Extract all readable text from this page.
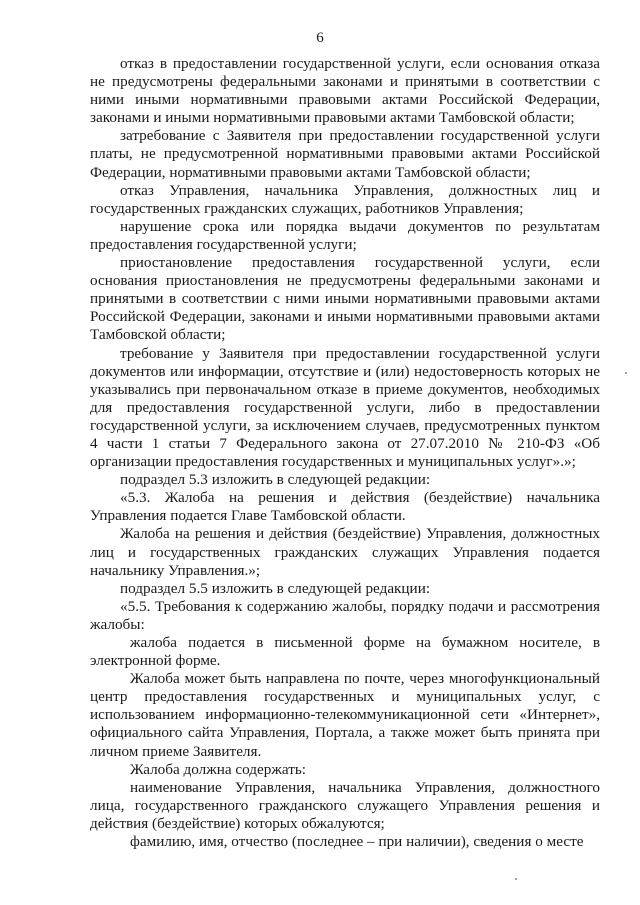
6

отказ в предоставлении государственной услуги, если основания отказа не предусмотрены федеральными законами и принятыми в соответствии с ними иными нормативными правовыми актами Российской Федерации, законами и иными нормативными правовыми актами Тамбовской области;

затребование с Заявителя при предоставлении государственной услуги платы, не предусмотренной нормативными правовыми актами Российской Федерации, нормативными правовыми актами Тамбовской области;

отказ Управления, начальника Управления, должностных лиц и государственных гражданских служащих, работников Управления;

нарушение срока или порядка выдачи документов по результатам предоставления государственной услуги;

приостановление предоставления государственной услуги, если основания приостановления не предусмотрены федеральными законами и принятыми в соответствии с ними иными нормативными правовыми актами Российской Федерации, законами и иными нормативными правовыми актами Тамбовской области;

требование у Заявителя при предоставлении государственной услуги документов или информации, отсутствие и (или) недостоверность которых не указывались при первоначальном отказе в приеме документов, необходимых для предоставления государственной услуги, либо в предоставлении государственной услуги, за исключением случаев, предусмотренных пунктом 4 части 1 статьи 7 Федерального закона от 27.07.2010 № 210-ФЗ «Об организации предоставления государственных и муниципальных услуг».»;

подраздел 5.3 изложить в следующей редакции:

«5.3. Жалоба на решения и действия (бездействие) начальника Управления подается Главе Тамбовской области.

Жалоба на решения и действия (бездействие) Управления, должностных лиц и государственных гражданских служащих Управления подается начальнику Управления.»;

подраздел 5.5 изложить в следующей редакции:

«5.5. Требования к содержанию жалобы, порядку подачи и рассмотрения жалобы:

жалоба подается в письменной форме на бумажном носителе, в электронной форме.

Жалоба может быть направлена по почте, через многофункциональный центр предоставления государственных и муниципальных услуг, с использованием информационно-телекоммуникационной сети «Интернет», официального сайта Управления, Портала, а также может быть принята при личном приеме Заявителя.

Жалоба должна содержать:

наименование Управления, начальника Управления, должностного лица, государственного гражданского служащего Управления решения и действия (бездействие) которых обжалуются;

фамилию, имя, отчество (последнее – при наличии), сведения о месте
